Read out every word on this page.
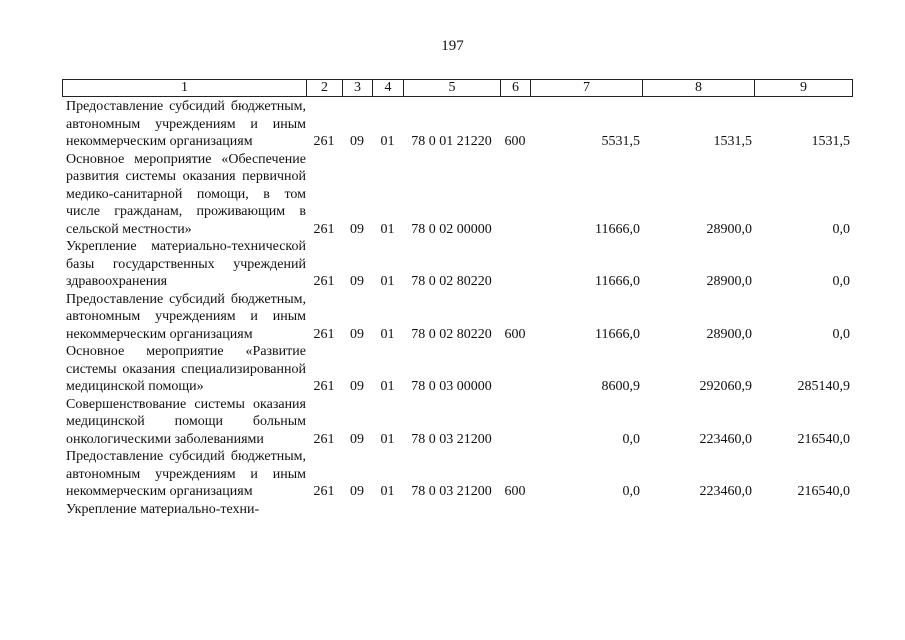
197
1	2	3	4	5	6	7	8	9
Предоставление субсидий бюджетным, автономным учреждениям и иным некоммерческим организациям	261	09	01	78 0 01 21220 600	5531,5	1531,5	1531,5
Основное мероприятие «Обеспечение развития системы оказания первичной медико-санитарной помощи, в том числе гражданам, проживающим в сельской местности»	261	09	01	78 0 02 00000	11666,0	28900,0	0,0
Укрепление материально-технической базы государственных учреждений здравоохранения	261	09	01	78 0 02 80220	11666,0	28900,0	0,0
Предоставление субсидий бюджетным, автономным учреждениям и иным некоммерческим организациям	261	09	01	78 0 02 80220 600	11666,0	28900,0	0,0
Основное мероприятие «Развитие системы оказания специализированной медицинской помощи»	261	09	01	78 0 03 00000	8600,9	292060,9	285140,9
Совершенствование системы оказания медицинской помощи больным онкологическими заболеваниями	261	09	01	78 0 03 21200	0,0	223460,0	216540,0
Предоставление субсидий бюджетным, автономным учреждениям и иным некоммерческим организациям	261	09	01	78 0 03 21200 600	0,0	223460,0	216540,0
Укрепление материально-техни-
